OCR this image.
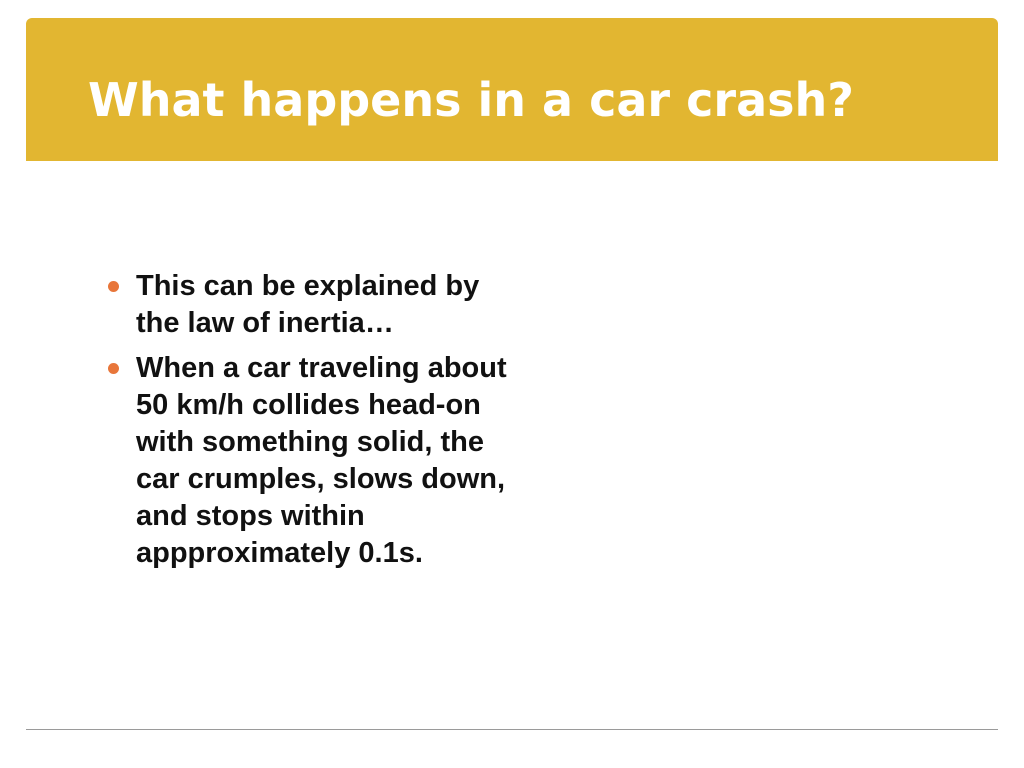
What happens in a car crash?
This can be explained by the law of inertia…
When a car traveling about 50 km/h collides head-on with something solid, the car crumples, slows down, and stops within appproximately 0.1s.
